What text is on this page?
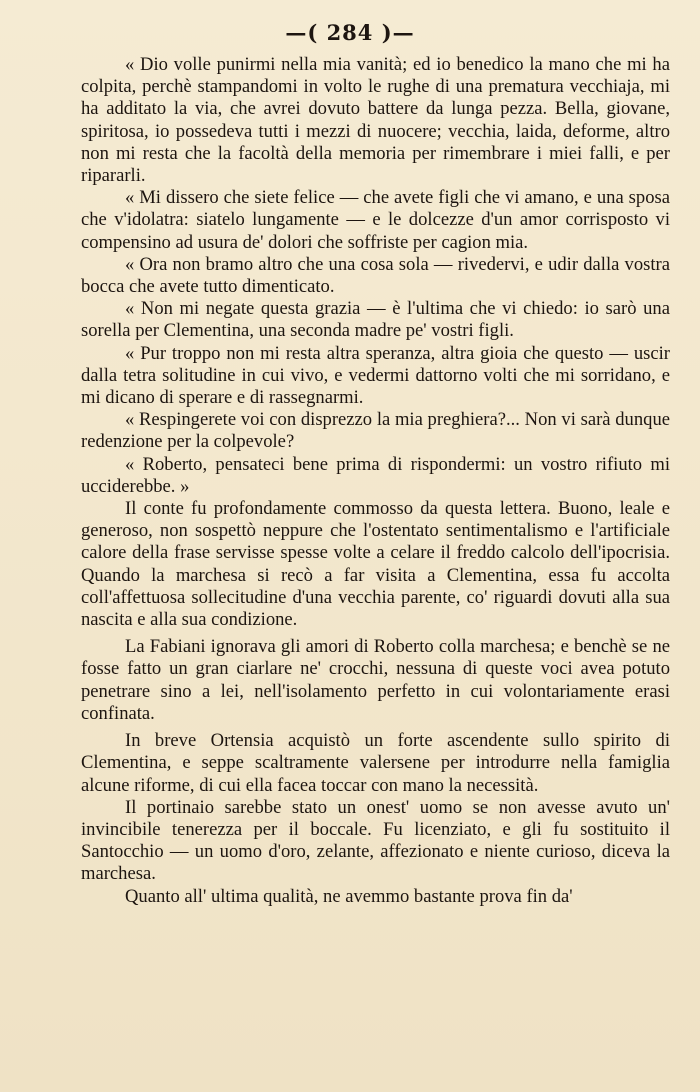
—( 284 )—

« Dio volle punirmi nella mia vanità; ed io benedico la mano che mi ha colpita, perchè stampandomi in volto le rughe di una prematura vecchiaja, mi ha additato la via, che avrei dovuto battere da lunga pezza. Bella, giovane, spiritosa, io possedeva tutti i mezzi di nuocere; vecchia, laida, deforme, altro non mi resta che la facoltà della memoria per rimembrare i miei falli, e per ripararli.

« Mi dissero che siete felice — che avete figli che vi amano, e una sposa che v'idolatra: siatelo lungamente — e le dolcezze d'un amor corrisposto vi compensino ad usura de' dolori che soffriste per cagion mia.

« Ora non bramo altro che una cosa sola — rivedervi, e udir dalla vostra bocca che avete tutto dimenticato.

« Non mi negate questa grazia — è l'ultima che vi chiedo: io sarò una sorella per Clementina, una seconda madre pe' vostri figli.

« Pur troppo non mi resta altra speranza, altra gioia che questo — uscir dalla tetra solitudine in cui vivo, e vedermi dattorno volti che mi sorridano, e mi dicano di sperare e di rassegnarmi.

« Respingerete voi con disprezzo la mia preghiera?... Non vi sarà dunque redenzione per la colpevole?

« Roberto, pensateci bene prima di rispondermi: un vostro rifiuto mi ucciderebbe. »

Il conte fu profondamente commosso da questa lettera. Buono, leale e generoso, non sospettò neppure che l'ostentato sentimentalismo e l'artificiale calore della frase servisse spesse volte a celare il freddo calcolo dell'ipocrisia. Quando la marchesa si recò a far visita a Clementina, essa fu accolta coll'affettuosa sollecitudine d'una vecchia parente, co' riguardi dovuti alla sua nascita e alla sua condizione.

La Fabiani ignorava gli amori di Roberto colla marchesa; e benchè se ne fosse fatto un gran ciarlare ne' crocchi, nessuna di queste voci avea potuto penetrare sino a lei, nell'isolamento perfetto in cui volontariamente erasi confinata.

In breve Ortensia acquistò un forte ascendente sullo spirito di Clementina, e seppe scaltramente valersene per introdurre nella famiglia alcune riforme, di cui ella facea toccar con mano la necessità.

Il portinaio sarebbe stato un onest' uomo se non avesse avuto un' invincibile tenerezza per il boccale. Fu licenziato, e gli fu sostituito il Santocchio — un uomo d'oro, zelante, affezionato e niente curioso, diceva la marchesa.

Quanto all' ultima qualità, ne avemmo bastante prova fin da'
